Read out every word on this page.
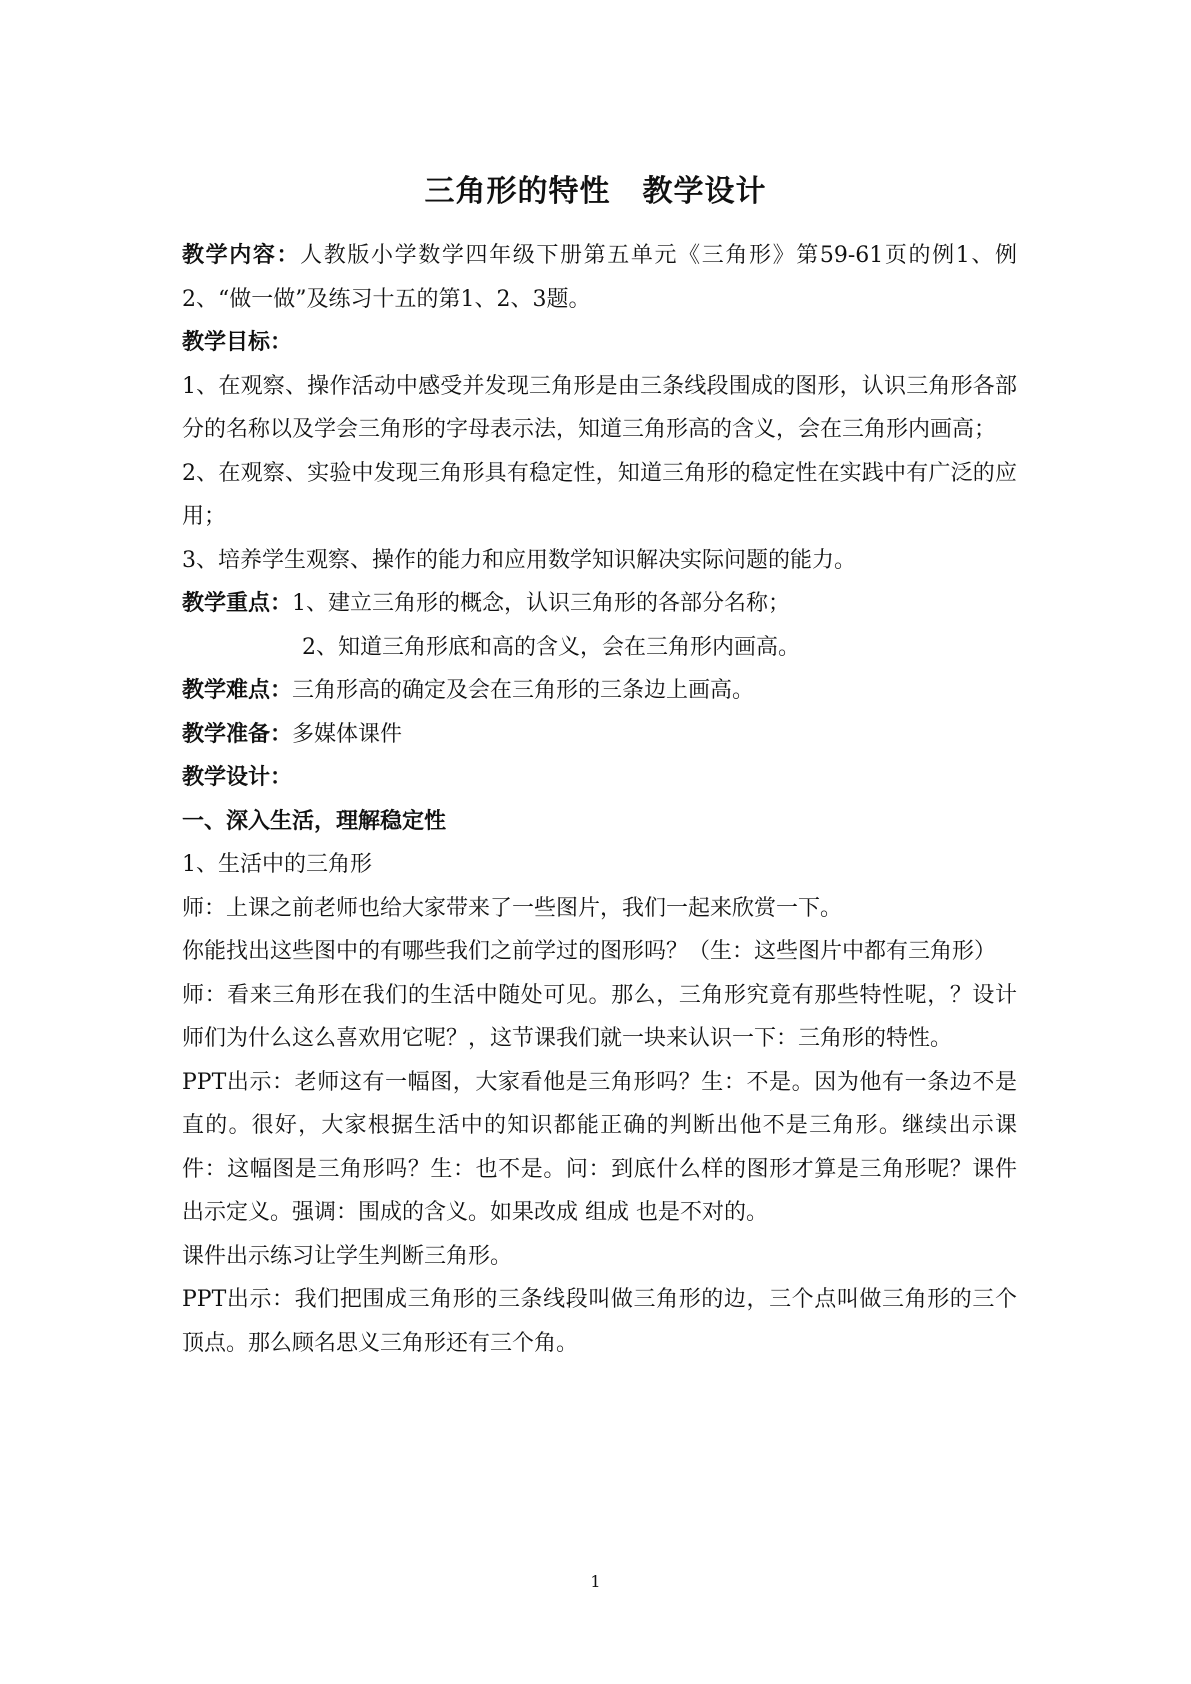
三角形的特性 教学设计

教学内容：人教版小学数学四年级下册第五单元《三角形》第59-61页的例1、例2、“做一做”及练习十五的第1、2、3题。

教学目标：

1、在观察、操作活动中感受并发现三角形是由三条线段围成的图形，认识三角形各部分的名称以及学会三角形的字母表示法，知道三角形高的含义，会在三角形内画高；

2、在观察、实验中发现三角形具有稳定性，知道三角形的稳定性在实践中有广泛的应用；

3、培养学生观察、操作的能力和应用数学知识解决实际问题的能力。

教学重点：1、建立三角形的概念，认识三角形的各部分名称；

2、知道三角形底和高的含义，会在三角形内画高。

教学难点：三角形高的确定及会在三角形的三条边上画高。

教学准备：多媒体课件

教学设计：

一、深入生活，理解稳定性

1、生活中的三角形

师：上课之前老师也给大家带来了一些图片，我们一起来欣赏一下。

你能找出这些图中的有哪些我们之前学过的图形吗？（生：这些图片中都有三角形）

师：看来三角形在我们的生活中随处可见。那么，三角形究竟有那些特性呢，？设计师们为什么这么喜欢用它呢？，这节课我们就一块来认识一下：三角形的特性。

PPT出示：老师这有一幅图，大家看他是三角形吗？生：不是。因为他有一条边不是直的。很好，大家根据生活中的知识都能正确的判断出他不是三角形。继续出示课件：这幅图是三角形吗？生：也不是。问：到底什么样的图形才算是三角形呢？课件出示定义。强调：围成的含义。如果改成 组成 也是不对的。

课件出示练习让学生判断三角形。

PPT出示：我们把围成三角形的三条线段叫做三角形的边，三个点叫做三角形的三个顶点。那么顾名思义三角形还有三个角。

1
